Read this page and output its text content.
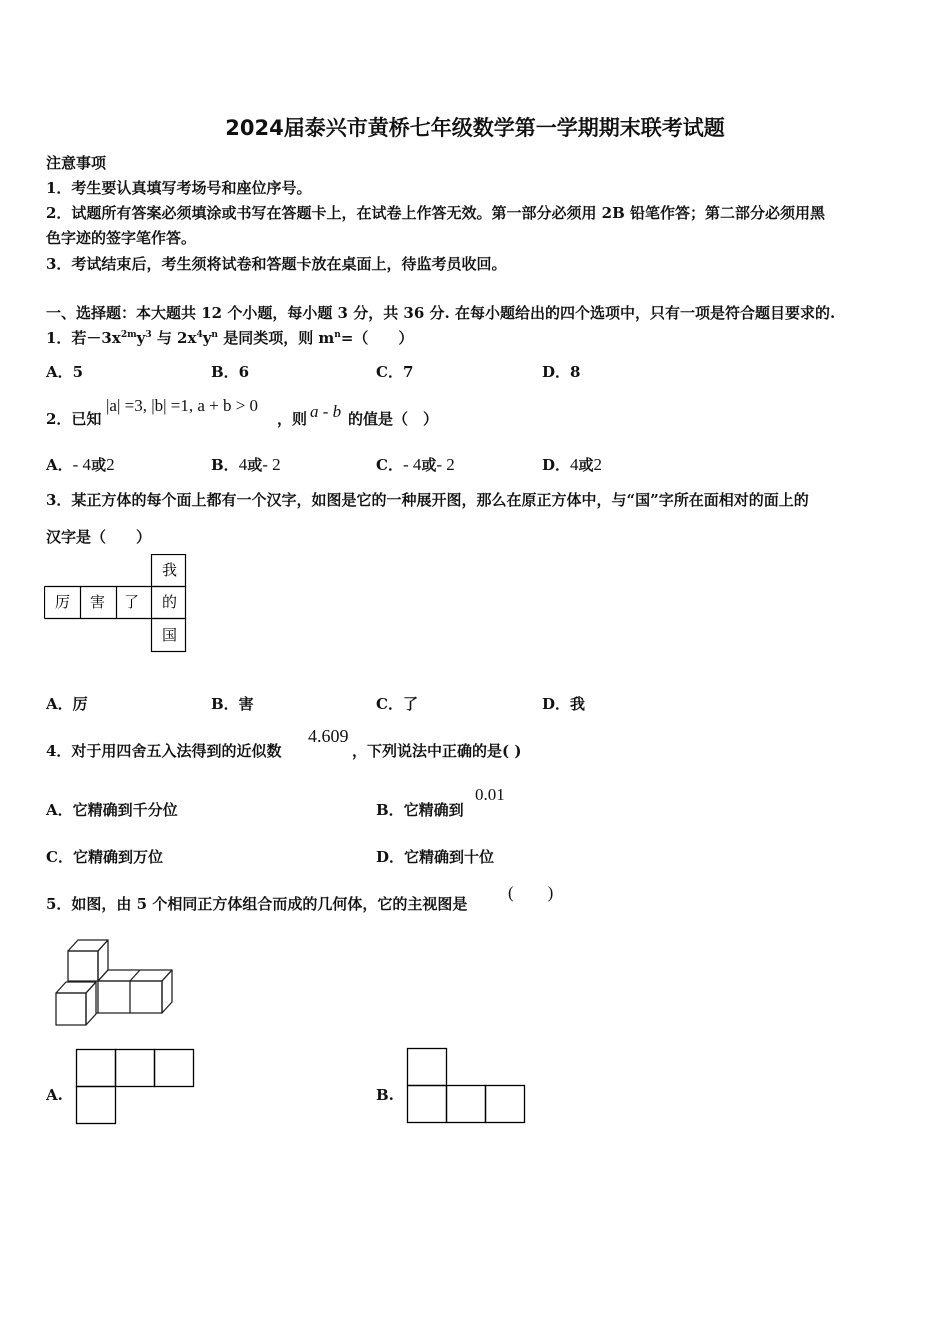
2024届泰兴市黄桥七年级数学第一学期期末联考试题
注意事项
1．考生要认真填写考场号和座位序号。
2．试题所有答案必须填涂或书写在答题卡上，在试卷上作答无效。第一部分必须用 2B 铅笔作答；第二部分必须用黑
色字迹的签字笔作答。
3．考试结束后，考生须将试卷和答题卡放在桌面上，待监考员收回。
一、选择题：本大题共 12 个小题，每小题 3 分，共 36 分. 在每小题给出的四个选项中，只有一项是符合题目要求的.
1．若$-3x^{2m}y^3$ 与 $2x^4y^n$ 是同类项，则 $m^n=$（　　）
A．5	B．6	C．7	D．8
2．已知
|a| =3, |b| =1, a + b > 0
，则 a - b 的值是（　）
A．- 4或2	B．4或- 2	C．- 4或- 2	D．4或2
3．某正方体的每个面上都有一个汉字，如图是它的一种展开图，那么在原正方体中，与“国”字所在面相对的面上的
汉字是（　　）
厉 害 了 的
我
国
A．厉	B．害	C．了	D．我
4．对于用四舍五入法得到的近似数
4.609
，下列说法中正确的是( )
A．它精确到千分位	B．它精确到
0.01
C．它精确到万位	D．它精确到十位
5．如图，由 5 个相同正方体组合而成的几何体，它的主视图是
(　　)
A.	B.
